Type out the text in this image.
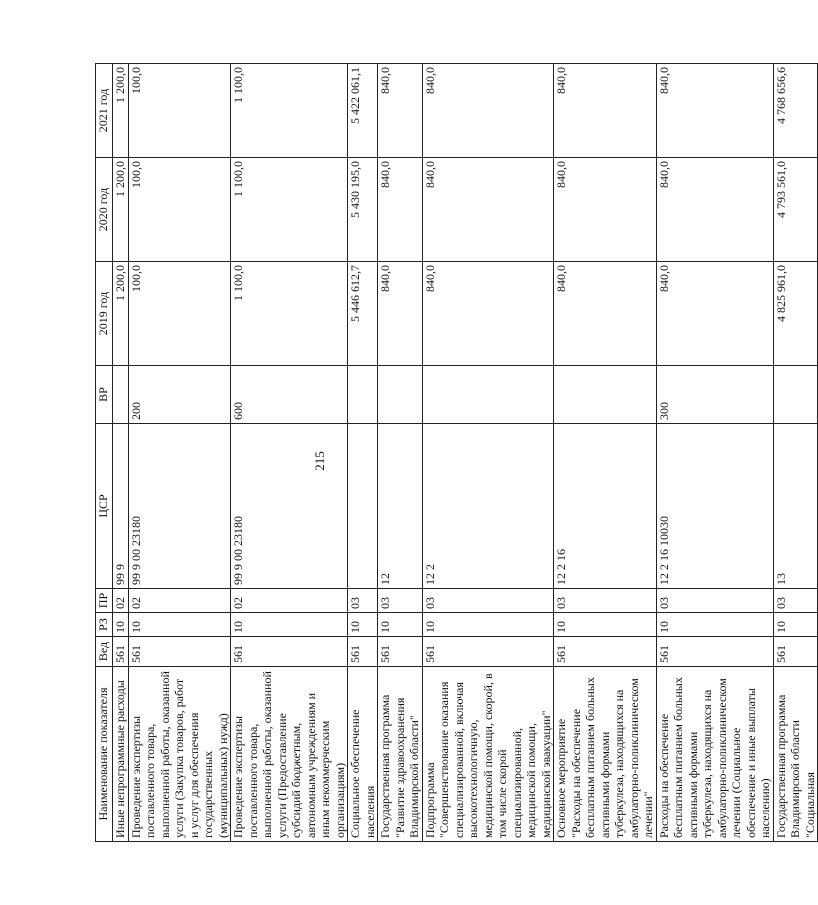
215
Наименование показателя	Вед	РЗ	ПР	ЦСР	ВР	2019 год	2020 год	2021 год
Иные непрограммные расходы	561	10	02	99 9		1 200,0	1 200,0	1 200,0
Проведение экспертизы поставленного товара, выполненной работы, оказанной услуги (Закупка товаров, работ и услуг для обеспечения государственных (муниципальных) нужд)	561	10	02	99 9 00 23180	200	100,0	100,0	100,0
Проведение экспертизы поставленного товара, выполненной работы, оказанной услуги (Предоставление субсидий бюджетным, автономным учреждениям и иным некоммерческим организациям)	561	10	02	99 9 00 23180	600	1 100,0	1 100,0	1 100,0
Социальное обеспечение населения	561	10	03			5 446 612,7	5 430 195,0	5 422 061,1
Государственная программа "Развитие здравоохранения Владимирской области"	561	10	03	12		840,0	840,0	840,0
Подпрограмма "Совершенствование оказания специализированной, включая высокотехнологичную, медицинской помощи, скорой, в том числе скорой специализированной, медицинской помощи, медицинской эвакуации"	561	10	03	12 2		840,0	840,0	840,0
Основное мероприятие "Расходы на обеспечение бесплатным питанием больных активными формами туберкулеза, находящихся на амбулаторно-поликлиническом лечении"	561	10	03	12 2 16		840,0	840,0	840,0
Расходы на обеспечение бесплатным питанием больных активными формами туберкулеза, находящихся на амбулаторно-поликлиническом лечении (Социальное обеспечение и иные выплаты населению)	561	10	03	12 2 16 10030	300	840,0	840,0	840,0
Государственная программа Владимирской области "Социальная	561	10	03	13		4 825 961,0	4 793 561,0	4 768 656,6
